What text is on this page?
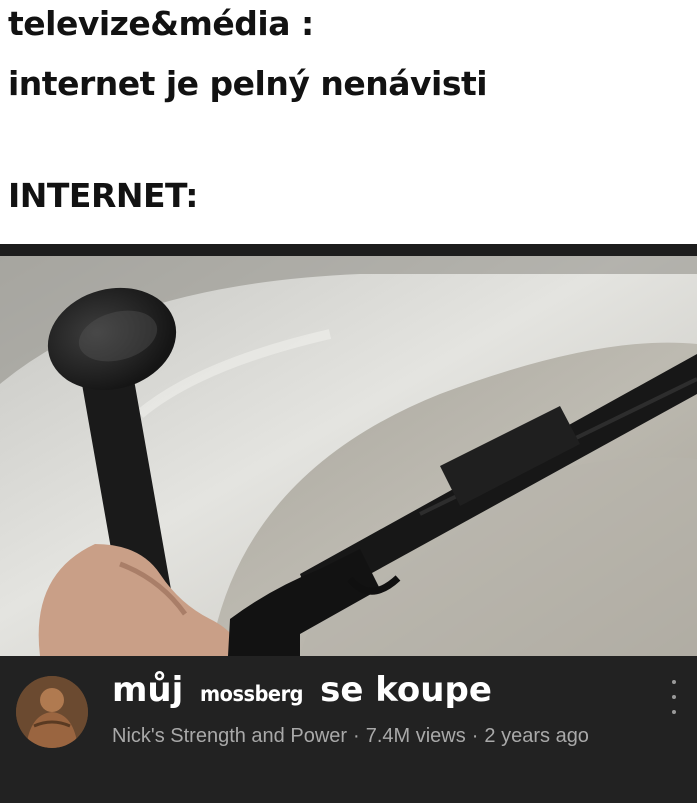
televize&média :

internet je pelný nenávisti

INTERNET:

můj mossberg se koupe
Nick's Strength and Power · 7.4M views · 2 years ago
